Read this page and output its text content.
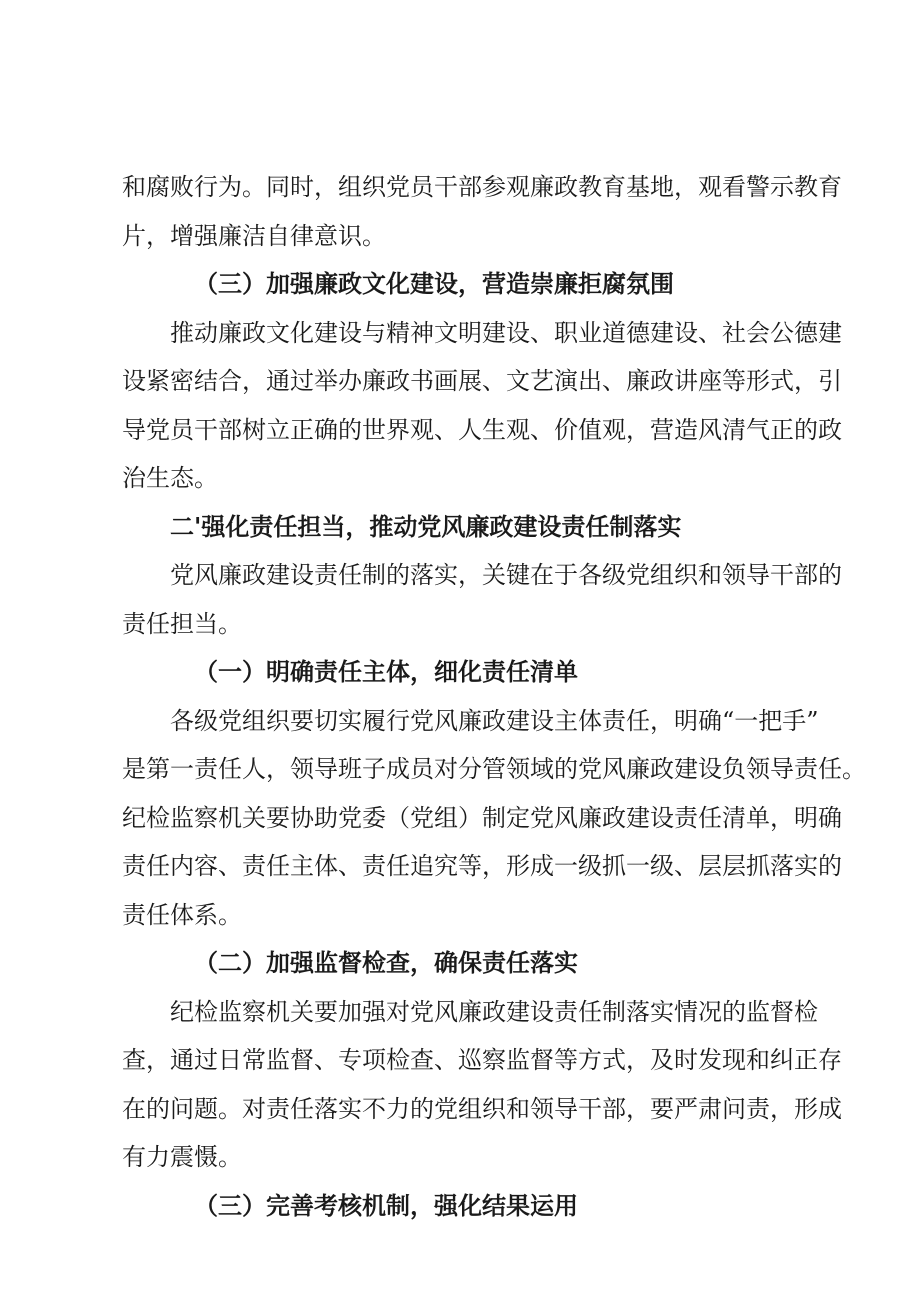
和腐败行为。同时，组织党员干部参观廉政教育基地，观看警示教育
片，增强廉洁自律意识。
（三）加强廉政文化建设，营造崇廉拒腐氛围
推动廉政文化建设与精神文明建设、职业道德建设、社会公德建
设紧密结合，通过举办廉政书画展、文艺演出、廉政讲座等形式，引
导党员干部树立正确的世界观、人生观、价值观，营造风清气正的政
治生态。
二'强化责任担当，推动党风廉政建设责任制落实
党风廉政建设责任制的落实，关键在于各级党组织和领导干部的
责任担当。
（一）明确责任主体，细化责任清单
各级党组织要切实履行党风廉政建设主体责任，明确“一把手”
是第一责任人，领导班子成员对分管领域的党风廉政建设负领导责任。
纪检监察机关要协助党委（党组）制定党风廉政建设责任清单，明确
责任内容、责任主体、责任追究等，形成一级抓一级、层层抓落实的
责任体系。
（二）加强监督检查，确保责任落实
纪检监察机关要加强对党风廉政建设责任制落实情况的监督检
查，通过日常监督、专项检查、巡察监督等方式，及时发现和纠正存
在的问题。对责任落实不力的党组织和领导干部，要严肃问责，形成
有力震慑。
（三）完善考核机制，强化结果运用
